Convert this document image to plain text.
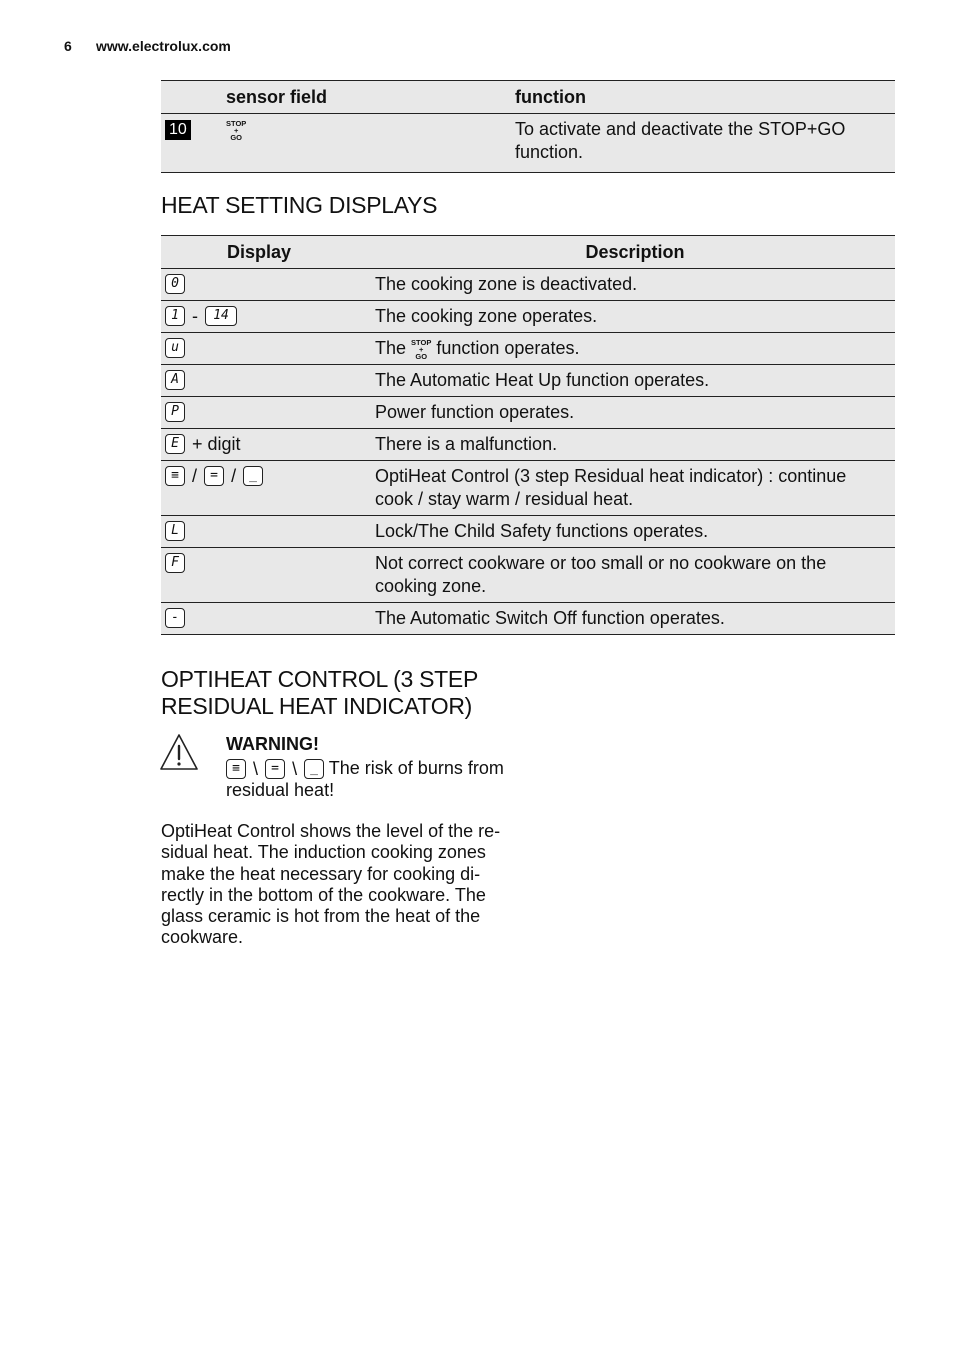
6 www.electrolux.com
	sensor field	function
10	STOP
+
GO	To activate and deactivate the STOP+GO function.
HEAT SETTING DISPLAYS
Display	Description
0	The cooking zone is deactivated.
1 - 14	The cooking zone operates.
u	The STOP
+
GO function operates.
A	The Automatic Heat Up function operates.
P	Power function operates.
E + digit	There is a malfunction.
≡ / = / _	OptiHeat Control (3 step Residual heat indicator) : continue cook / stay warm / residual heat.
L	Lock/The Child Safety functions operates.
F	Not correct cookware or too small or no cookware on the cooking zone.
-	The Automatic Switch Off function operates.
OPTIHEAT CONTROL (3 STEP
RESIDUAL HEAT INDICATOR)
WARNING!
≡ \ = \ _ The risk of burns from residual heat!
OptiHeat Control shows the level of the re-sidual heat. The induction cooking zones make the heat necessary for cooking di-rectly in the bottom of the cookware. The glass ceramic is hot from the heat of the cookware.
